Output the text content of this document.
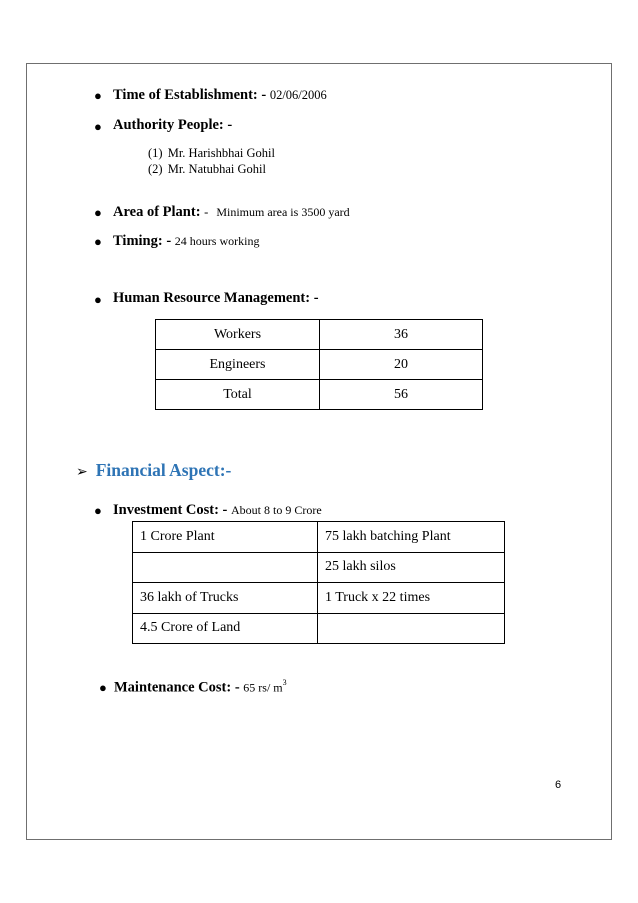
● Time of Establishment: - 02/06/2006
● Authority People: -
(1) Mr. Harishbhai Gohil
(2) Mr. Natubhai Gohil
● Area of Plant: - Minimum area is 3500 yard
● Timing: - 24 hours working
● Human Resource Management: -
Workers	36
Engineers	20
Total	56
➢ Financial Aspect:-
● Investment Cost: - About 8 to 9 Crore
1 Crore Plant	75 lakh batching Plant
	25 lakh silos
36 lakh of Trucks	1 Truck x 22 times
4.5 Crore of Land	
● Maintenance Cost: - 65 rs/ $m^3$
6
